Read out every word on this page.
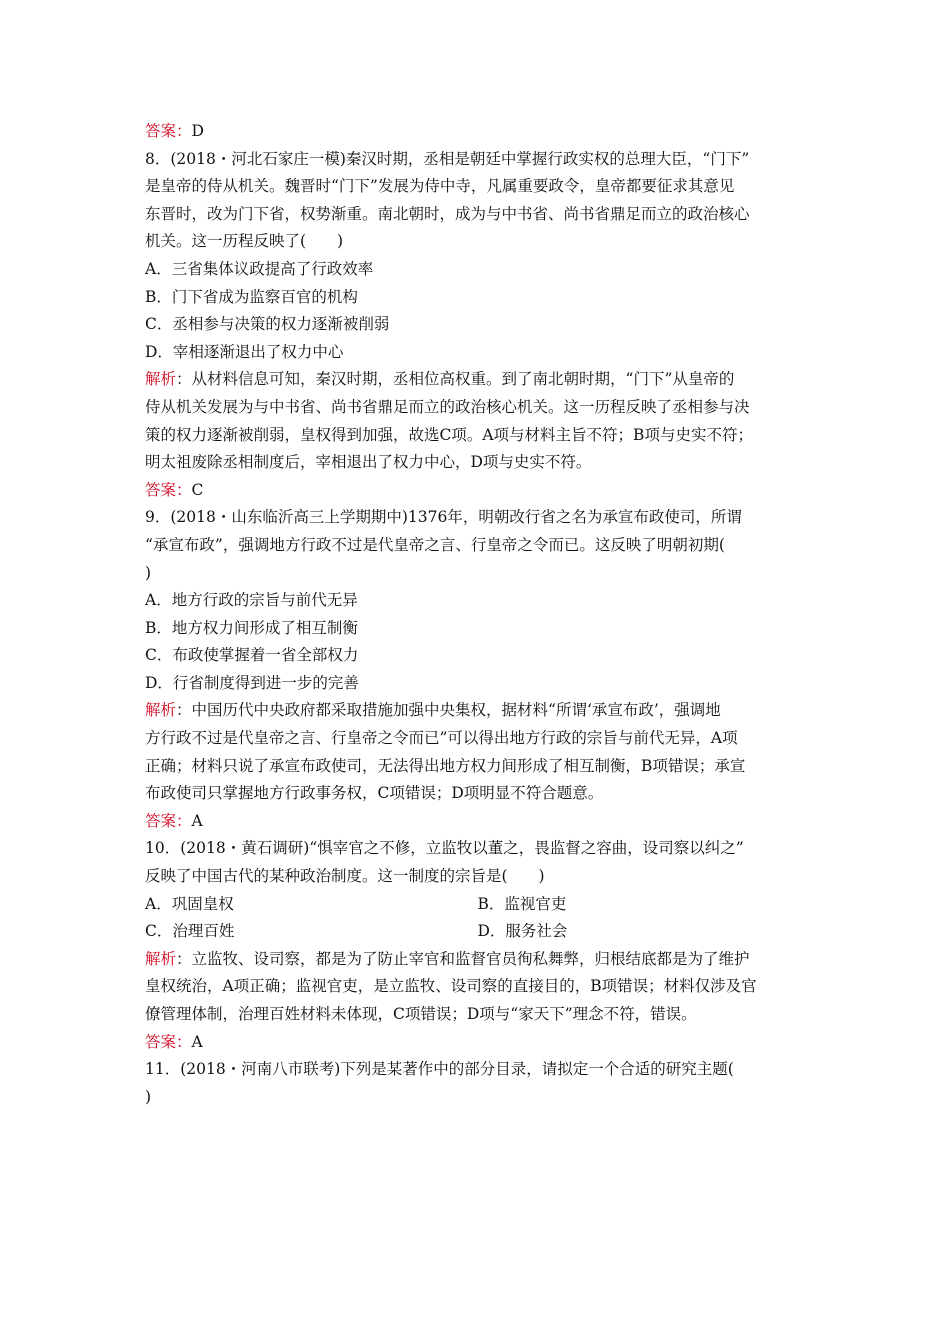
答案：D
8．(2018・河北石家庄一模)秦汉时期，丞相是朝廷中掌握行政实权的总理大臣，“门下”
是皇帝的侍从机关。魏晋时“门下”发展为侍中寺，凡属重要政令，皇帝都要征求其意见
东晋时，改为门下省，权势渐重。南北朝时，成为与中书省、尚书省鼎足而立的政治核心
机关。这一历程反映了(　　)
A．三省集体议政提高了行政效率
B．门下省成为监察百官的机构
C．丞相参与决策的权力逐渐被削弱
D．宰相逐渐退出了权力中心
解析：从材料信息可知，秦汉时期，丞相位高权重。到了南北朝时期，“门下”从皇帝的
侍从机关发展为与中书省、尚书省鼎足而立的政治核心机关。这一历程反映了丞相参与决
策的权力逐渐被削弱，皇权得到加强，故选C项。A项与材料主旨不符；B项与史实不符；
明太祖废除丞相制度后，宰相退出了权力中心，D项与史实不符。
答案：C
9．(2018・山东临沂高三上学期期中)1376年，明朝改行省之名为承宣布政使司，所谓
“承宣布政”，强调地方行政不过是代皇帝之言、行皇帝之令而已。这反映了明朝初期(
)
A．地方行政的宗旨与前代无异
B．地方权力间形成了相互制衡
C．布政使掌握着一省全部权力
D．行省制度得到进一步的完善
解析：中国历代中央政府都采取措施加强中央集权，据材料“所谓‘承宣布政’，强调地
方行政不过是代皇帝之言、行皇帝之令而已”可以得出地方行政的宗旨与前代无异，A项
正确；材料只说了承宣布政使司，无法得出地方权力间形成了相互制衡，B项错误；承宣
布政使司只掌握地方行政事务权，C项错误；D项明显不符合题意。
答案：A
10．(2018・黄石调研)“惧宰官之不修，立监牧以董之，畏监督之容曲，设司察以纠之”
反映了中国古代的某种政治制度。这一制度的宗旨是(　　)
A．巩固皇权	B．监视官吏
C．治理百姓	D．服务社会
解析：立监牧、设司察，都是为了防止宰官和监督官员徇私舞弊，归根结底都是为了维护
皇权统治，A项正确；监视官吏，是立监牧、设司察的直接目的，B项错误；材料仅涉及官
僚管理体制，治理百姓材料未体现，C项错误；D项与“家天下”理念不符，错误。
答案：A
11．(2018・河南八市联考)下列是某著作中的部分目录，请拟定一个合适的研究主题(
)
